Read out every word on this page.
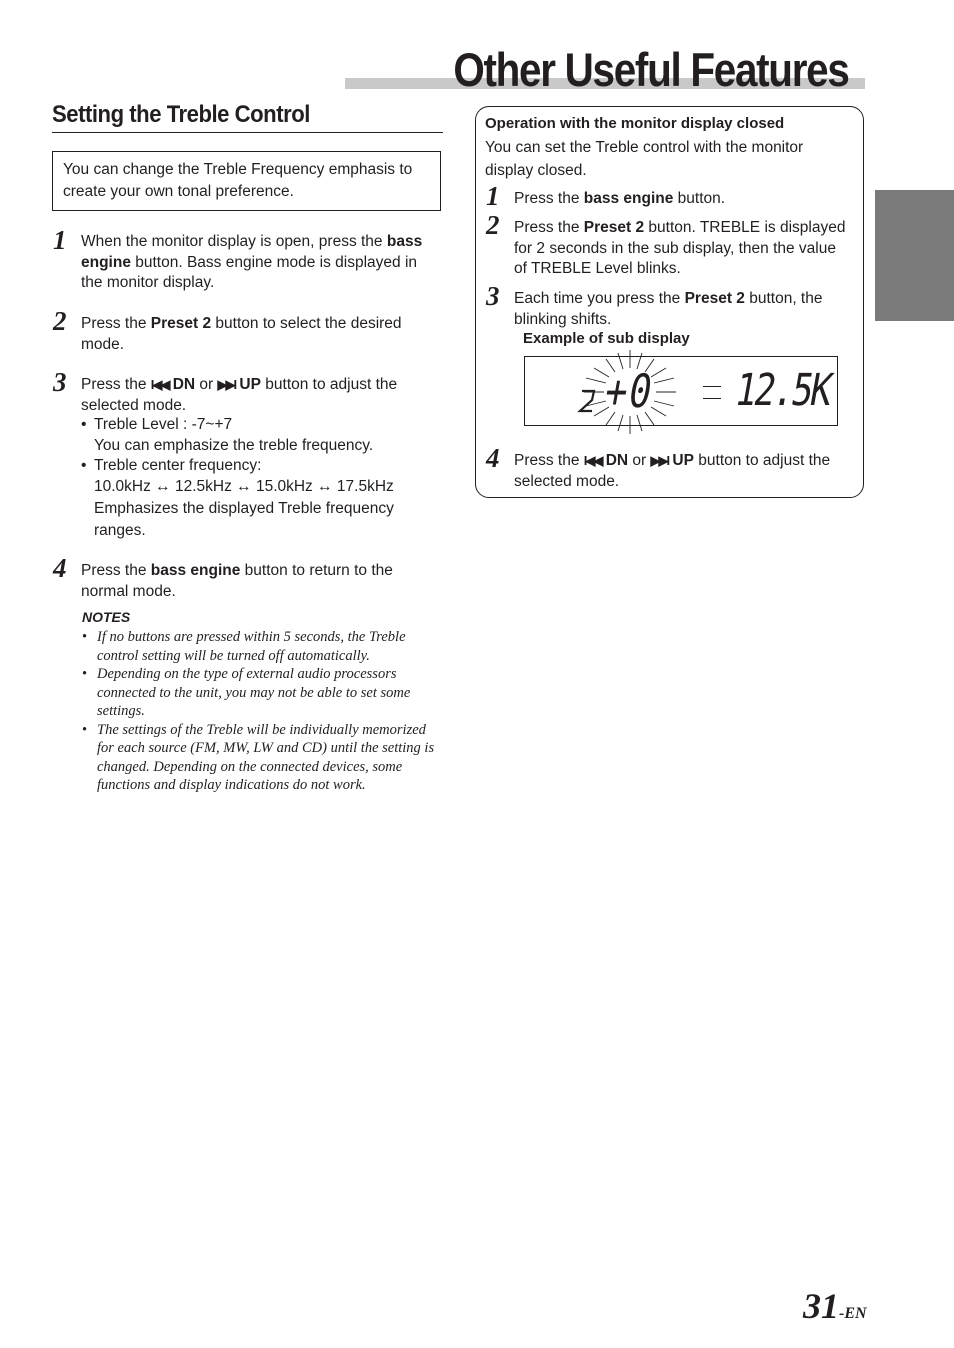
Other Useful Features
Setting the Treble Control
You can change the Treble Frequency emphasis to create your own tonal preference.
1 When the monitor display is open, press the bass engine button. Bass engine mode is displayed in the monitor display.
2 Press the Preset 2 button to select the desired mode.
3 Press the I◀◀ DN or ▶▶I UP button to adjust the selected mode.
• Treble Level : -7~+7
You can emphasize the treble frequency.
• Treble center frequency:
10.0kHz ↔ 12.5kHz ↔ 15.0kHz ↔ 17.5kHz
Emphasizes the displayed Treble frequency ranges.
4 Press the bass engine button to return to the normal mode.
NOTES
• If no buttons are pressed within 5 seconds, the Treble control setting will be turned off automatically.
• Depending on the type of external audio processors connected to the unit, you may not be able to set some settings.
• The settings of the Treble will be individually memorized for each source (FM, MW, LW and CD) until the setting is changed. Depending on the connected devices, some functions and display indications do not work.
Operation with the monitor display closed
You can set the Treble control with the monitor display closed.
1 Press the bass engine button.
2 Press the Preset 2 button. TREBLE is displayed for 2 seconds in the sub display, then the value of TREBLE Level blinks.
3 Each time you press the Preset 2 button, the blinking shifts.
Example of sub display
+0 12.5K
4 Press the I◀◀ DN or ▶▶I UP button to adjust the selected mode.
31-EN
